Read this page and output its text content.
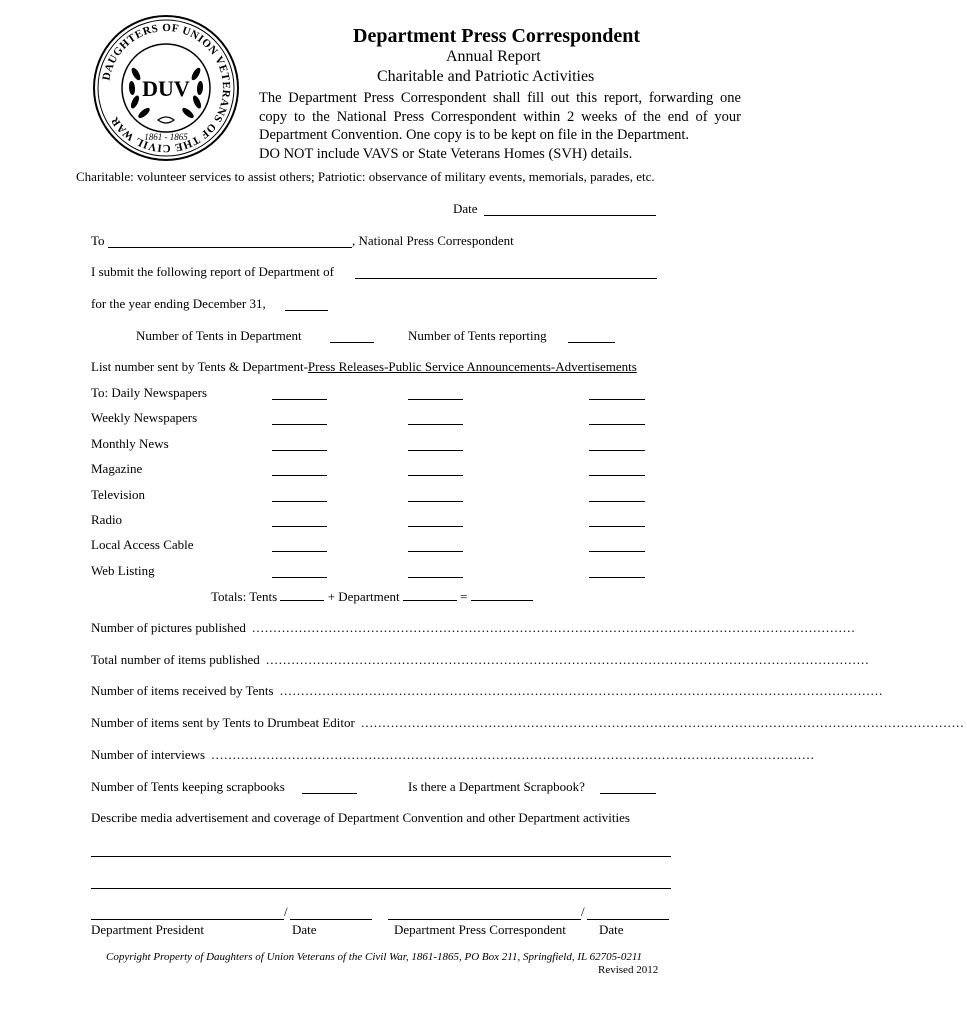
DAUGHTERS OF UNION VETERANS OF THE CIVIL WAR
DUV
1861 - 1865
Department Press Correspondent
Annual Report
Charitable and Patriotic Activities
The Department Press Correspondent shall fill out this report, forwarding one
copy to the National Press Correspondent within 2 weeks of the end of your
Department Convention. One copy is to be kept on file in the Department.
DO NOT include VAVS or State Veterans Homes (SVH) details.
Charitable: volunteer services to assist others; Patriotic: observance of military events, memorials, parades, etc.
Date
To	, National Press Correspondent
I submit the following report of Department of
for the year ending December 31,
Number of Tents in Department	Number of Tents reporting
List number sent by Tents & Department-Press Releases-Public Service Announcements-Advertisements
To: Daily Newspapers
Weekly Newspapers
Monthly News
Magazine
Television
Radio
Local Access Cable
Web Listing
Totals: Tents	+ Department	=
Number of pictures published ..............................................................................................................................................
Total number of items published ..............................................................................................................................................
Number of items received by Tents ..............................................................................................................................................
Number of items sent by Tents to Drumbeat Editor ..............................................................................................................................................
Number of interviews ..............................................................................................................................................
Number of Tents keeping scrapbooks	Is there a Department Scrapbook?
Describe media advertisement and coverage of Department Convention and other Department activities
/	/
Department President	Date	Department Press Correspondent	Date
Copyright Property of Daughters of Union Veterans of the Civil War, 1861-1865, PO Box 211, Springfield, IL 62705-0211
Revised 2012
